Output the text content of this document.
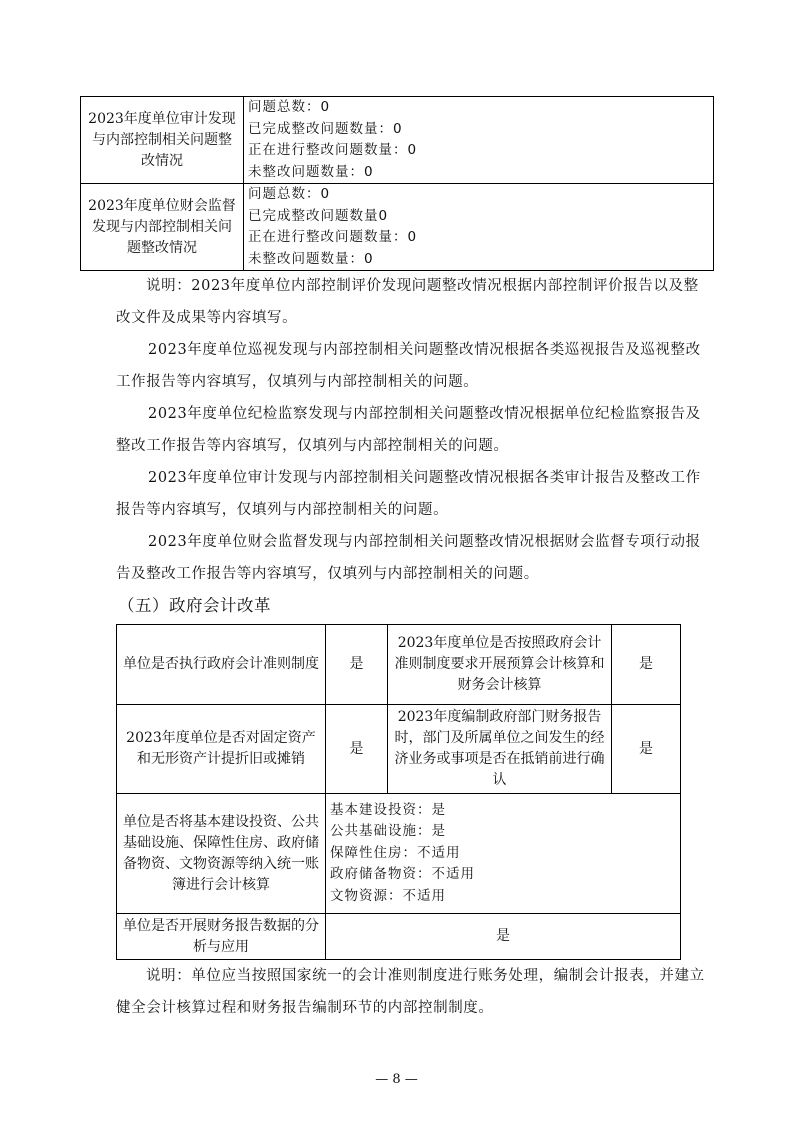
2023年度单位审计发现与内部控制相关问题整改情况	问题总数：0
已完成整改问题数量：0
正在进行整改问题数量：0
未整改问题数量：0

2023年度单位财会监督发现与内部控制相关问题整改情况	问题总数：0
已完成整改问题数量0
正在进行整改问题数量：0
未整改问题数量：0
说明：2023年度单位内部控制评价发现问题整改情况根据内部控制评价报告以及整改文件及成果等内容填写。
2023年度单位巡视发现与内部控制相关问题整改情况根据各类巡视报告及巡视整改工作报告等内容填写，仅填列与内部控制相关的问题。
2023年度单位纪检监察发现与内部控制相关问题整改情况根据单位纪检监察报告及整改工作报告等内容填写，仅填列与内部控制相关的问题。
2023年度单位审计发现与内部控制相关问题整改情况根据各类审计报告及整改工作报告等内容填写，仅填列与内部控制相关的问题。
2023年度单位财会监督发现与内部控制相关问题整改情况根据财会监督专项行动报告及整改工作报告等内容填写，仅填列与内部控制相关的问题。
（五）政府会计改革
单位是否执行政府会计准则制度	是	2023年度单位是否按照政府会计准则制度要求开展预算会计核算和财务会计核算	是
2023年度单位是否对固定资产和无形资产计提折旧或摊销	是	2023年度编制政府部门财务报告时，部门及所属单位之间发生的经济业务或事项是否在抵销前进行确认	是
单位是否将基本建设投资、公共基础设施、保障性住房、政府储备物资、文物资源等纳入统一账簿进行会计核算	基本建设投资：是
公共基础设施：是
保障性住房：不适用
政府储备物资：不适用
文物资源：不适用		

单位是否开展财务报告数据的分析与应用	是		
说明：单位应当按照国家统一的会计准则制度进行账务处理，编制会计报表，并建立健全会计核算过程和财务报告编制环节的内部控制制度。
— 8 —
